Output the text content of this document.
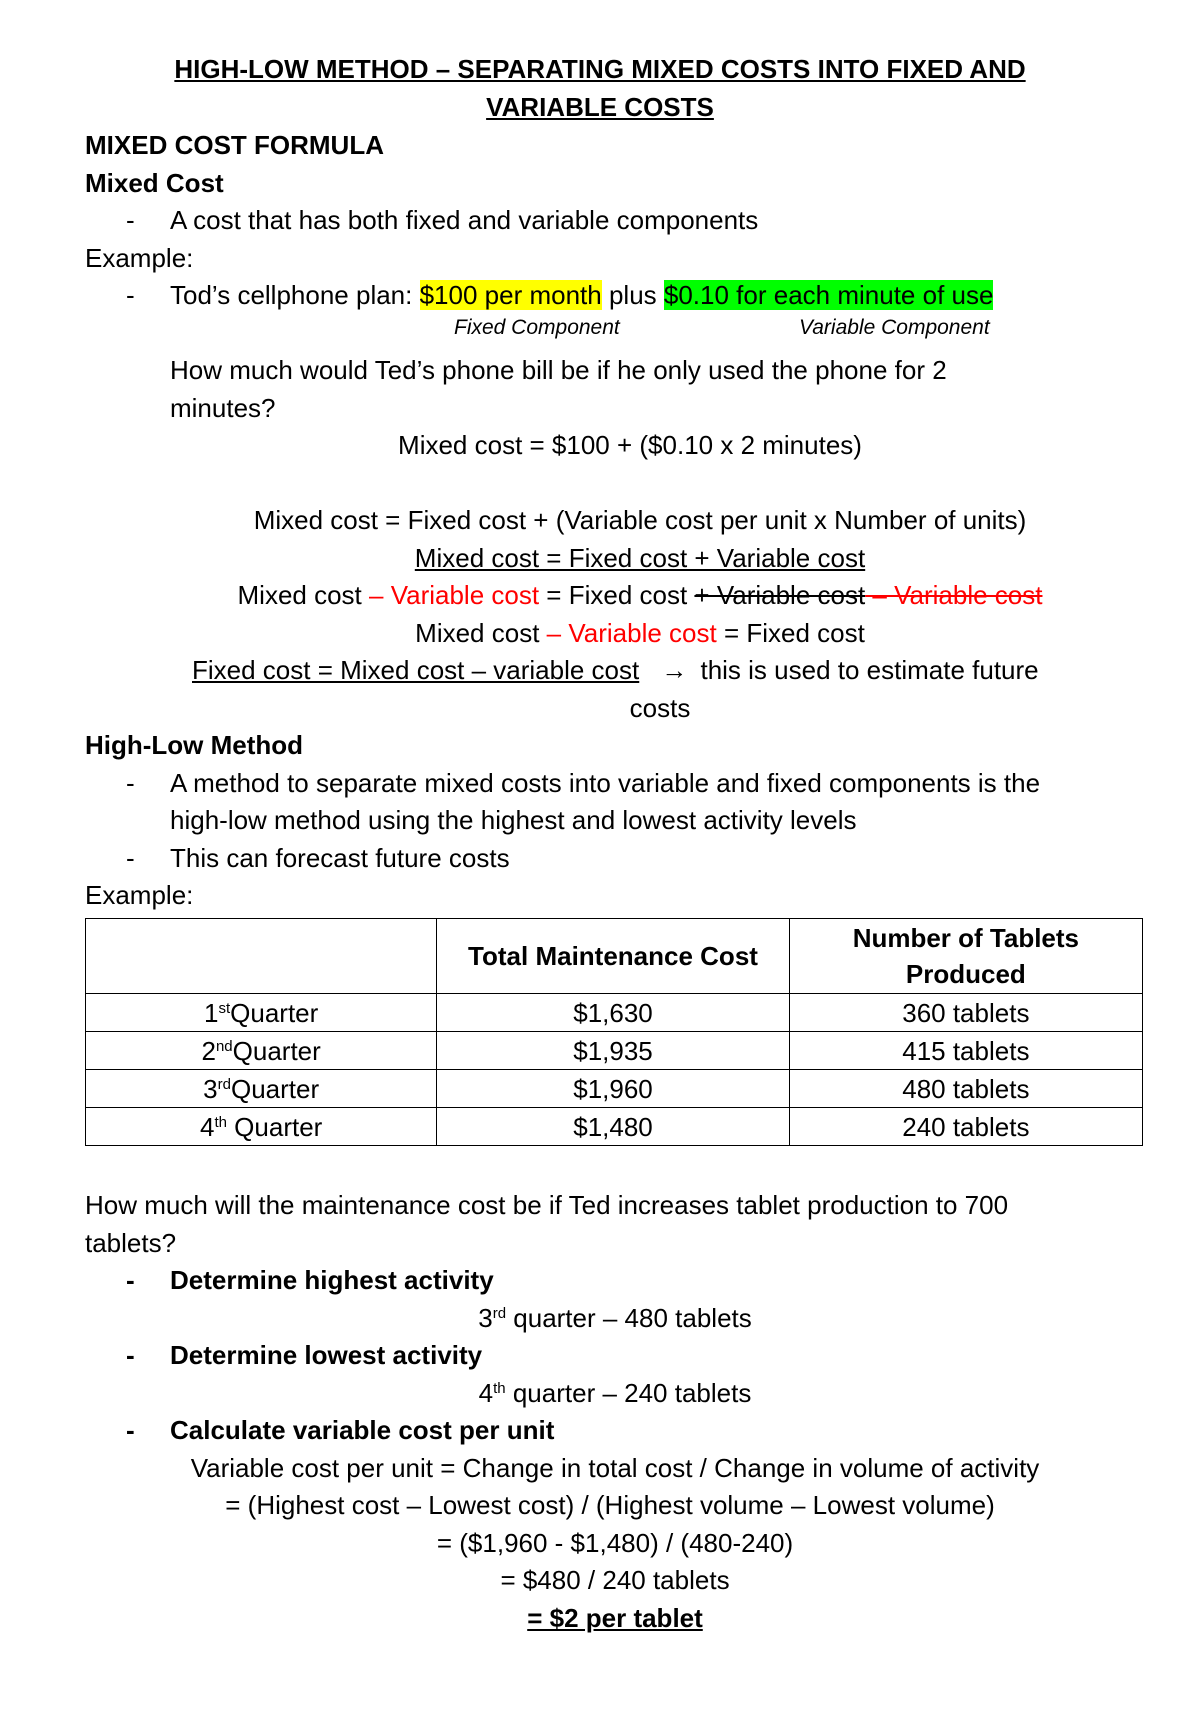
HIGH-LOW METHOD – SEPARATING MIXED COSTS INTO FIXED AND
VARIABLE COSTS
MIXED COST FORMULA
Mixed Cost
- A cost that has both fixed and variable components
Example:
- Tod’s cellphone plan: $100 per month plus $0.10 for each minute of use
Fixed Component	Variable Component
How much would Ted’s phone bill be if he only used the phone for 2
minutes?
Mixed cost = $100 + ($0.10 x 2 minutes)
Mixed cost = Fixed cost + (Variable cost per unit x Number of units)
Mixed cost = Fixed cost + Variable cost
Mixed cost – Variable cost = Fixed cost + Variable cost – Variable cost
Mixed cost – Variable cost = Fixed cost
Fixed cost = Mixed cost – variable cost → this is used to estimate future
costs
High-Low Method
- A method to separate mixed costs into variable and fixed components is the
high-low method using the highest and lowest activity levels
- This can forecast future costs
Example:
	Total Maintenance Cost	Number of Tablets
Produced
1stQuarter	$1,630	360 tablets
2ndQuarter	$1,935	415 tablets
3rdQuarter	$1,960	480 tablets
4th Quarter	$1,480	240 tablets
How much will the maintenance cost be if Ted increases tablet production to 700
tablets?
- Determine highest activity
3rd quarter – 480 tablets
- Determine lowest activity
4th quarter – 240 tablets
- Calculate variable cost per unit
Variable cost per unit = Change in total cost / Change in volume of activity
= (Highest cost – Lowest cost) / (Highest volume – Lowest volume)
= ($1,960 - $1,480) / (480-240)
= $480 / 240 tablets
= $2 per tablet
